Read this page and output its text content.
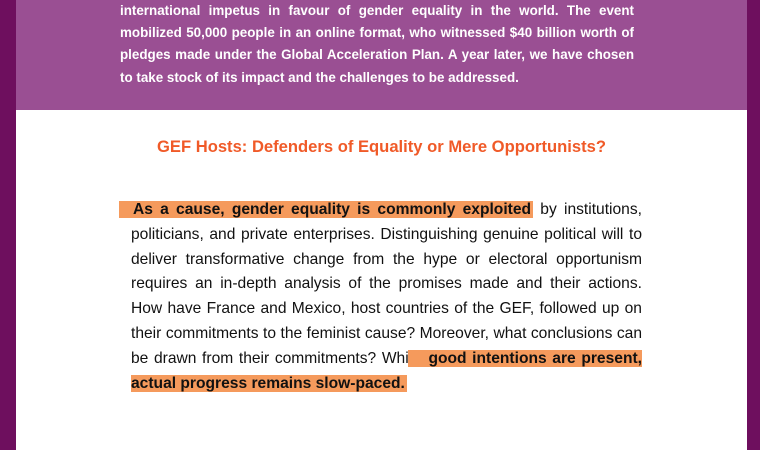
international impetus in favour of gender equality in the world. The event mobilized 50,000 people in an online format, who witnessed $40 billion worth of pledges made under the Global Acceleration Plan. A year later, we have chosen to take stock of its impact and the challenges to be addressed.

GEF Hosts: Defenders of Equality or Mere Opportunists?

As a cause, gender equality is commonly exploited by institutions, politicians, and private enterprises. Distinguishing genuine political will to deliver transformative change from the hype or electoral opportunism requires an in-depth analysis of the promises made and their actions. How have France and Mexico, host countries of the GEF, followed up on their commitments to the feminist cause? Moreover, what conclusions can be drawn from their commitments? While good intentions are present, actual progress remains slow-paced.
